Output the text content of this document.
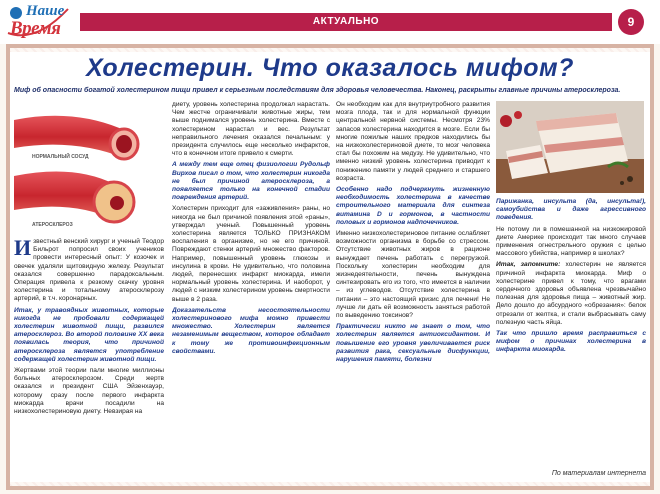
Наше
Время	АКТУАЛЬНО	9
Холестерин. Что оказалось мифом?
Миф об опасности богатой холестерином пищи привел к серьезным последствиям для здоровья человечества. Наконец, раскрыты главные причины атеросклероза.
НОРМАЛЬНЫЙ СОСУД
АТЕРОСКЛЕРОЗ

Известный венский хирург и ученый Теодор Бильрот попросил своих учеников провести интересный опыт: У козочек и овечек удаляли щитовидную железу. Результат оказался совершенно парадоксальным. Операция привела к резкому скачку уровня холестерина и тотальному атеросклерозу артерий, в т.ч. коронарных.

Итак, у травоядных животных, которые никогда не пробовали содержащей холестерин животной пищи, развился атеросклероз. Во второй половине ХХ века появилась теория, что причиной атеросклероза является употребление содержащей холестерин животной пищи.

Жертвами этой теории пали многие миллионы больных атеросклерозом. Среди жертв оказался и президент США Эйзенхауэр, которому сразу после первого инфаркта миокарда врачи посадили на низкохолестериновую диету. Невзирая на

диету, уровень холестерина продолжал нарастать. Чем жестче ограничивали животные жиры, тем выше поднимался уровень холестерина. Вместе с холестерином нарастал и вес. Результат неправильного лечения оказался печальным: у президента случилось еще несколько инфарктов, что в конечном итоге привело к смерти.

А между тем еще отец физиологии Рудольф Вирхов писал о том, что холестерин никогда не был причиной атеросклероза, а появляется только на конечной стадии повреждения артерий.

Холестерин приходит для «заживления» раны, но никогда не был причиной появления этой «раны», утверждал ученый. Повышенный уровень холестерина является ТОЛЬКО ПРИЗНАКОМ воспаления в организме, но не его причиной. Повреждают стенки артерий множество факторов. Например, повышенный уровень глюкозы и инсулина в крови. Не удивительно, что половина людей, перенесших инфаркт миокарда, имели нормальный уровень холестерина. И наоборот, у людей с низким холестерином уровень смертности выше в 2 раза.

Доказательств несостоятельности холестеринового мифа можно привести множество. Холестерин является незаменимым веществом, которое обладает к тому же противоинфекционным свойствами.

Он необходим как для внутриутробного развития мозга плода, так и для нормальной функции центральной нервной системы. Несмотря 23% запасов холестерина находится в мозге. Если бы многие пожилые наших предков находились бы на низкохолестериновой диете, то мозг человека стал бы похожим на медузу. Не удивительно, что именно низкий уровень холестерина приводит к понижению памяти у людей среднего и старшего возраста.

Особенно надо подчеркнуть жизненную необходимость холестерина в качестве строительного материала для синтеза витамина D и гормонов, в частности половых и гормонов надпочечников.

Именно низкохолестериновое питание ослабляет возможности организма в борьбе со стрессом. Отсутствие животных жиров в рационе вынуждает печень работать с перегрузкой. Поскольку холестерин необходим для жизнедеятельности, печень вынуждена синтезировать его из того, что имеется в наличии – из углеводов. Отсутствие холестерина в питании – это настоящий кризис для печени! Не лучше ли дать ей возможность заняться работой по выведению токсинов?

Практически никто не знает о том, что холестерин является антиоксидантом. И повышение его уровня увеличивается риск развития рака, сексуальные дисфункции, нарушения памяти, болезни

Парижанка, инсульта (да, инсульта!), самоубийства и даже агрессивного поведения.

Не потому ли в помешанной на низкожировой диете Америке происходит так много случаев применения огнестрельного оружия с целью массового убийства, например в школах?

Итак, запомните: холестерин не является причиной инфаркта миокарда. Миф о холестерине привел к тому, что врагами сердечного здоровья объявлена чрезвычайно полезная для здоровья пища – животный жир. Дело дошло до абсурдного «обрезания»: белок отрезали от желтка, и стали выбрасывать саму полезную часть яйца.

Так что пришло время расправиться с мифом о причинах холестерина в инфаркта миокарда.

По материалам интернета
